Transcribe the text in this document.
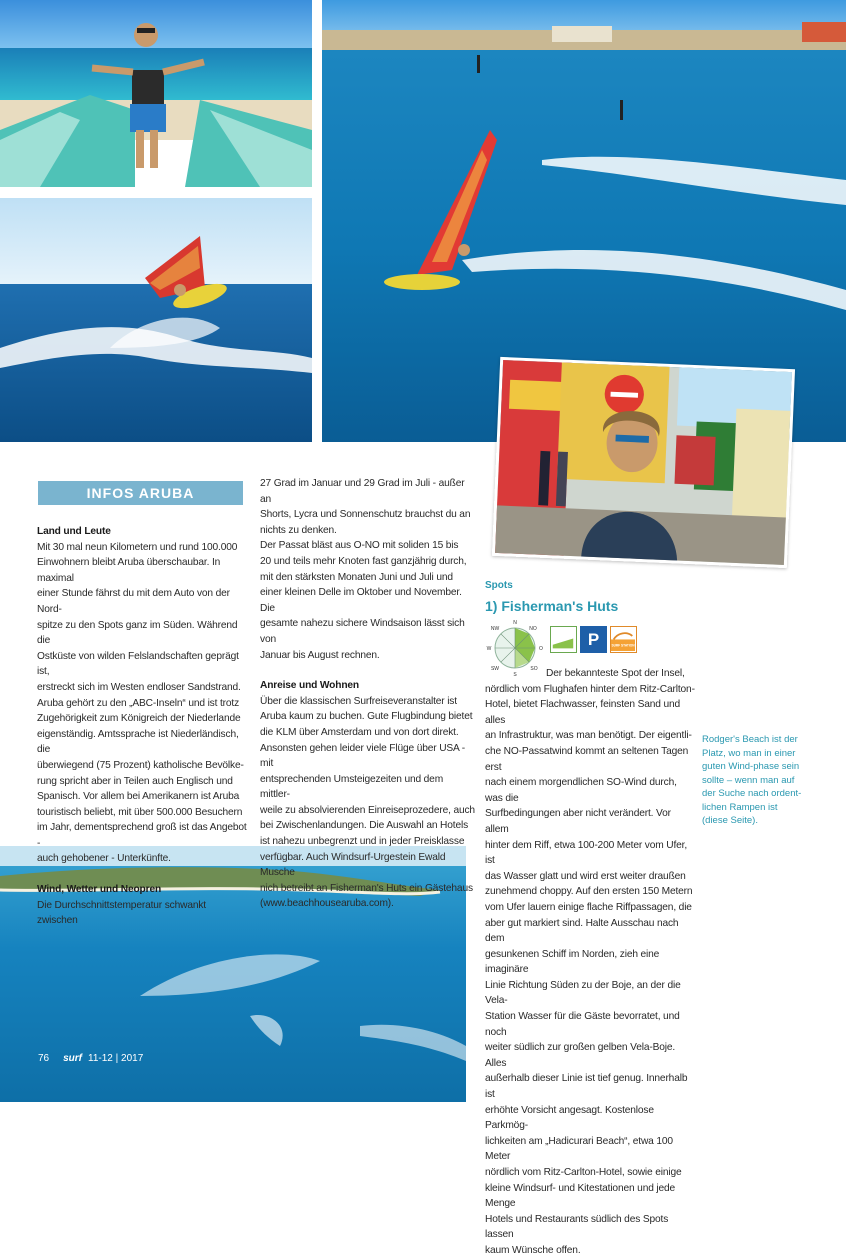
76 surf 11-12 | 2017
INFOS ARUBA

Land und Leute

Mit 30 mal neun Kilometern und rund 100.000

Einwohnern bleibt Aruba überschaubar. In maximal

einer Stunde fährst du mit dem Auto von der Nord-

spitze zu den Spots ganz im Süden. Während die

Ostküste von wilden Felslandschaften geprägt ist,

erstreckt sich im Westen endloser Sandstrand.

Aruba gehört zu den „ABC-Inseln“ und ist trotz

Zugehörigkeit zum Königreich der Niederlande

eigenständig. Amtssprache ist Niederländisch, die

überwiegend (75 Prozent) katholische Bevölke-

rung spricht aber in Teilen auch Englisch und

Spanisch. Vor allem bei Amerikanern ist Aruba

touristisch beliebt, mit über 500.000 Besuchern

im Jahr, dementsprechend groß ist das Angebot -

auch gehobener - Unterkünfte.

Wind, Wetter und Neopren

Die Durchschnittstemperatur schwankt zwischen

27 Grad im Januar und 29 Grad im Juli - außer an

Shorts, Lycra und Sonnenschutz brauchst du an

nichts zu denken.

Der Passat bläst aus O-NO mit soliden 15 bis

20 und teils mehr Knoten fast ganzjährig durch,

mit den stärksten Monaten Juni und Juli und

einer kleinen Delle im Oktober und November. Die

gesamte nahezu sichere Windsaison lässt sich von

Januar bis August rechnen.

Anreise und Wohnen

Über die klassischen Surfreiseveranstalter ist

Aruba kaum zu buchen. Gute Flugbindung bietet

die KLM über Amsterdam und von dort direkt.

Ansonsten gehen leider viele Flüge über USA - mit

entsprechenden Umsteigezeiten und dem mittler-

weile zu absolvierenden Einreiseprozedere, auch

bei Zwischenlandungen. Die Auswahl an Hotels

ist nahezu unbegrenzt und in jeder Preisklasse

verfügbar. Auch Windsurf-Urgestein Ewald Musche

nich betreibt an Fisherman's Huts ein Gästehaus

(www.beachhousearuba.com).

Spots
1) Fisherman's Huts
N
NO
O
SO
S
SW
W
NW
P	SURF STATION

Der bekannteste Spot der Insel,

nördlich vom Flughafen hinter dem Ritz-Carlton-

Hotel, bietet Flachwasser, feinsten Sand und alles

an Infrastruktur, was man benötigt. Der eigentli-

che NO-Passatwind kommt an seltenen Tagen erst

nach einem morgendlichen SO-Wind durch, was die

Surfbedingungen aber nicht verändert. Vor allem

hinter dem Riff, etwa 100-200 Meter vom Ufer, ist

das Wasser glatt und wird erst weiter draußen

zunehmend choppy. Auf den ersten 150 Metern

vom Ufer lauern einige flache Riffpassagen, die

aber gut markiert sind. Halte Ausschau nach dem

gesunkenen Schiff im Norden, zieh eine imaginäre

Linie Richtung Süden zu der Boje, an der die Vela-

Station Wasser für die Gäste bevorratet, und noch

weiter südlich zur großen gelben Vela-Boje. Alles

außerhalb dieser Linie ist tief genug. Innerhalb ist

erhöhte Vorsicht angesagt. Kostenlose Parkmög-

lichkeiten am „Hadicurari Beach“, etwa 100 Meter

nördlich vom Ritz-Carlton-Hotel, sowie einige

kleine Windsurf- und Kitestationen und jede Menge

Hotels und Restaurants südlich des Spots lassen

kaum Wünsche offen.

Rodger's Beach ist der Platz, wo man in einer guten Wind-phase sein sollte – wenn man auf der Suche nach ordent-lichen Rampen ist (diese Seite).
